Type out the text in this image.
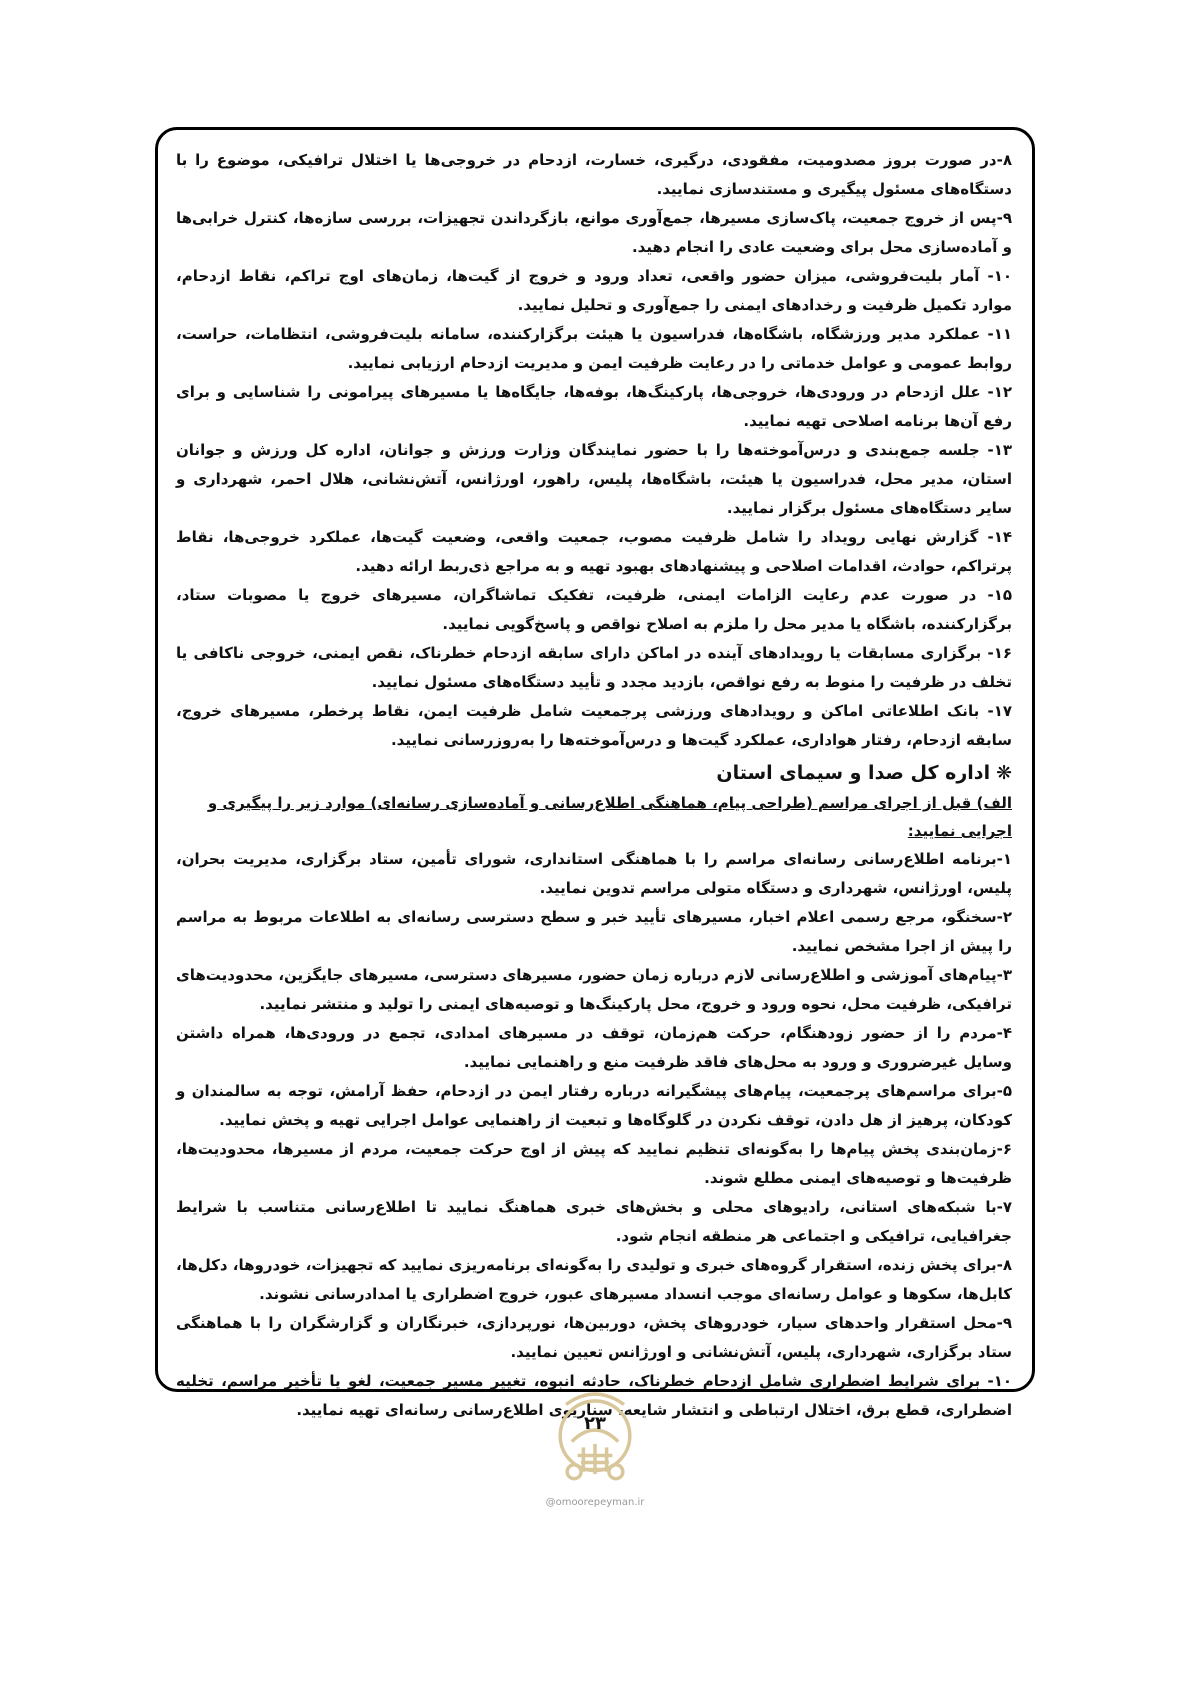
۸-در صورت بروز مصدومیت، مفقودی، درگیری، خسارت، ازدحام در خروجی‌ها یا اختلال ترافیکی، موضوع را با دستگاه‌های مسئول پیگیری و مستندسازی نمایید.

۹-پس از خروج جمعیت، پاک‌سازی مسیرها، جمع‌آوری موانع، بازگرداندن تجهیزات، بررسی سازه‌ها، کنترل خرابی‌ها و آماده‌سازی محل برای وضعیت عادی را انجام دهید.

۱۰- آمار بلیت‌فروشی، میزان حضور واقعی، تعداد ورود و خروج از گیت‌ها، زمان‌های اوج تراکم، نقاط ازدحام، موارد تکمیل ظرفیت و رخدادهای ایمنی را جمع‌آوری و تحلیل نمایید.

۱۱- عملکرد مدیر ورزشگاه، باشگاه‌ها، فدراسیون یا هیئت برگزارکننده، سامانه بلیت‌فروشی، انتظامات، حراست، روابط عمومی و عوامل خدماتی را در رعایت ظرفیت ایمن و مدیریت ازدحام ارزیابی نمایید.

۱۲- علل ازدحام در ورودی‌ها، خروجی‌ها، پارکینگ‌ها، بوفه‌ها، جایگاه‌ها یا مسیرهای پیرامونی را شناسایی و برای رفع آن‌ها برنامه اصلاحی تهیه نمایید.

۱۳- جلسه جمع‌بندی و درس‌آموخته‌ها را با حضور نمایندگان وزارت ورزش و جوانان، اداره کل ورزش و جوانان استان، مدیر محل، فدراسیون یا هیئت، باشگاه‌ها، پلیس، راهور، اورژانس، آتش‌نشانی، هلال احمر، شهرداری و سایر دستگاه‌های مسئول برگزار نمایید.

۱۴- گزارش نهایی رویداد را شامل ظرفیت مصوب، جمعیت واقعی، وضعیت گیت‌ها، عملکرد خروجی‌ها، نقاط پرتراکم، حوادث، اقدامات اصلاحی و پیشنهادهای بهبود تهیه و به مراجع ذی‌ربط ارائه دهید.

۱۵- در صورت عدم رعایت الزامات ایمنی، ظرفیت، تفکیک تماشاگران، مسیرهای خروج یا مصوبات ستاد، برگزارکننده، باشگاه یا مدیر محل را ملزم به اصلاح نواقص و پاسخ‌گویی نمایید.

۱۶- برگزاری مسابقات یا رویدادهای آینده در اماکن دارای سابقه ازدحام خطرناک، نقص ایمنی، خروجی ناکافی یا تخلف در ظرفیت را منوط به رفع نواقص، بازدید مجدد و تأیید دستگاه‌های مسئول نمایید.

۱۷- بانک اطلاعاتی اماکن و رویدادهای ورزشی پرجمعیت شامل ظرفیت ایمن، نقاط پرخطر، مسیرهای خروج، سابقه ازدحام، رفتار هواداری، عملکرد گیت‌ها و درس‌آموخته‌ها را به‌روزرسانی نمایید.

❋اداره کل صدا و سیمای استان

الف) قبل از اجرای مراسم (طراحی پیام، هماهنگی اطلاع‌رسانی و آماده‌سازی رسانه‌ای) موارد زیر را پیگیری و اجرایی نمایید:

۱-برنامه اطلاع‌رسانی رسانه‌ای مراسم را با هماهنگی استانداری، شورای تأمین، ستاد برگزاری، مدیریت بحران، پلیس، اورژانس، شهرداری و دستگاه متولی مراسم تدوین نمایید.

۲-سخنگو، مرجع رسمی اعلام اخبار، مسیرهای تأیید خبر و سطح دسترسی رسانه‌ای به اطلاعات مربوط به مراسم را پیش از اجرا مشخص نمایید.

۳-پیام‌های آموزشی و اطلاع‌رسانی لازم درباره زمان حضور، مسیرهای دسترسی، مسیرهای جایگزین، محدودیت‌های ترافیکی، ظرفیت محل، نحوه ورود و خروج، محل پارکینگ‌ها و توصیه‌های ایمنی را تولید و منتشر نمایید.

۴-مردم را از حضور زودهنگام، حرکت هم‌زمان، توقف در مسیرهای امدادی، تجمع در ورودی‌ها، همراه داشتن وسایل غیرضروری و ورود به محل‌های فاقد ظرفیت منع و راهنمایی نمایید.

۵-برای مراسم‌های پرجمعیت، پیام‌های پیشگیرانه درباره رفتار ایمن در ازدحام، حفظ آرامش، توجه به سالمندان و کودکان، پرهیز از هل دادن، توقف نکردن در گلوگاه‌ها و تبعیت از راهنمایی عوامل اجرایی تهیه و پخش نمایید.

۶-زمان‌بندی پخش پیام‌ها را به‌گونه‌ای تنظیم نمایید که پیش از اوج حرکت جمعیت، مردم از مسیرها، محدودیت‌ها، ظرفیت‌ها و توصیه‌های ایمنی مطلع شوند.

۷-با شبکه‌های استانی، رادیوهای محلی و بخش‌های خبری هماهنگ نمایید تا اطلاع‌رسانی متناسب با شرایط جغرافیایی، ترافیکی و اجتماعی هر منطقه انجام شود.

۸-برای پخش زنده، استقرار گروه‌های خبری و تولیدی را به‌گونه‌ای برنامه‌ریزی نمایید که تجهیزات، خودروها، دکل‌ها، کابل‌ها، سکوها و عوامل رسانه‌ای موجب انسداد مسیرهای عبور، خروج اضطراری یا امدادرسانی نشوند.

۹-محل استقرار واحدهای سیار، خودروهای پخش، دوربین‌ها، نورپردازی، خبرنگاران و گزارشگران را با هماهنگی ستاد برگزاری، شهرداری، پلیس، آتش‌نشانی و اورژانس تعیین نمایید.

۱۰- برای شرایط اضطراری شامل ازدحام خطرناک، حادثه انبوه، تغییر مسیر جمعیت، لغو یا تأخیر مراسم، تخلیه اضطراری، قطع برق، اختلال ارتباطی و انتشار شایعه، سناریوی اطلاع‌رسانی رسانه‌ای تهیه نمایید.

۲۳
@omoorepeyman.ir
